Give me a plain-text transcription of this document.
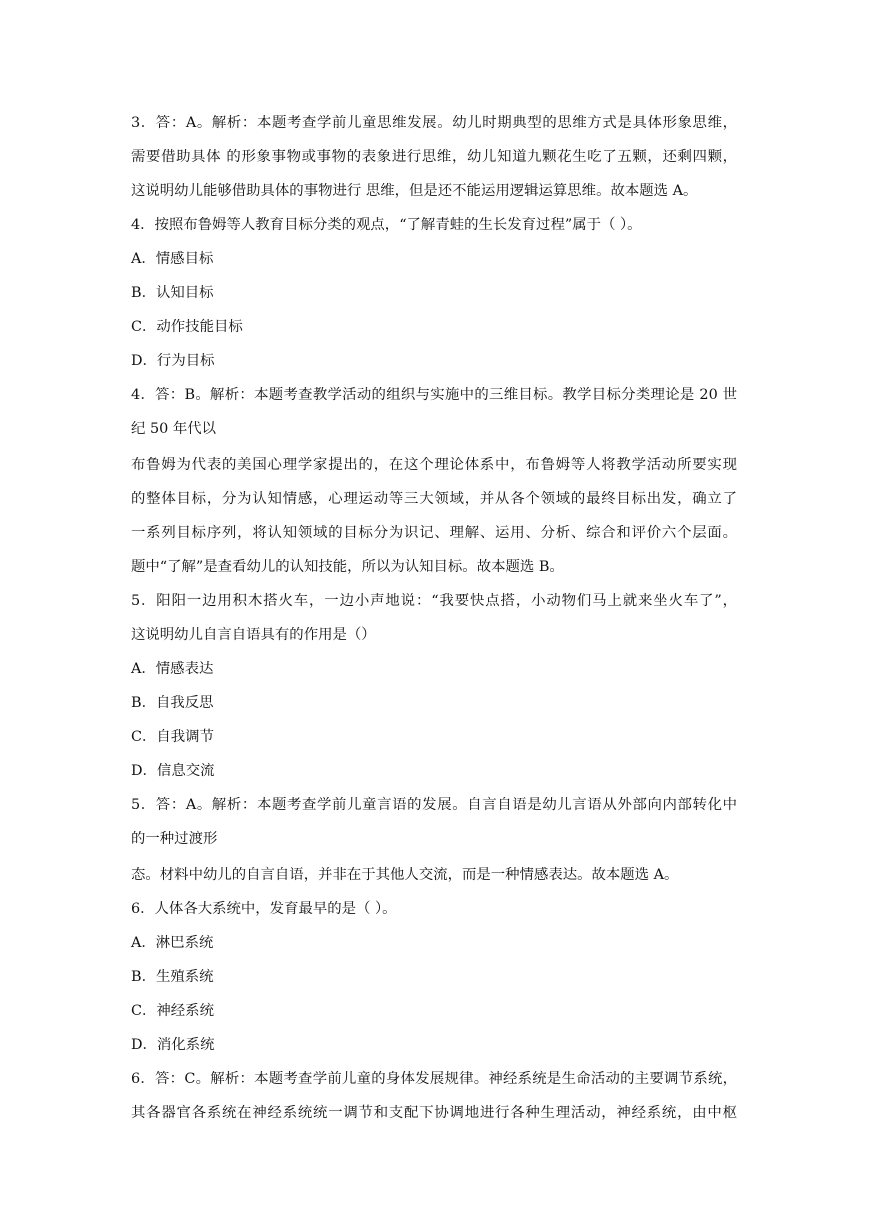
3．答：A。解析：本题考查学前儿童思维发展。幼儿时期典型的思维方式是具体形象思维，
需要借助具体 的形象事物或事物的表象进行思维，幼儿知道九颗花生吃了五颗，还剩四颗，
这说明幼儿能够借助具体的事物进行 思维，但是还不能运用逻辑运算思维。故本题选 A。
4．按照布鲁姆等人教育目标分类的观点，“了解青蛙的生长发育过程”属于（ ）。
A．情感目标
B．认知目标
C．动作技能目标
D．行为目标
4．答：B。解析：本题考查教学活动的组织与实施中的三维目标。教学目标分类理论是 20 世
纪 50 年代以
布鲁姆为代表的美国心理学家提出的，在这个理论体系中，布鲁姆等人将教学活动所要实现
的整体目标，分为认知情感，心理运动等三大领域，并从各个领域的最终目标出发，确立了
一系列目标序列，将认知领域的目标分为识记、理解、运用、分析、综合和评价六个层面。
题中“了解”是查看幼儿的认知技能，所以为认知目标。故本题选 B。
5．阳阳一边用积木搭火车，一边小声地说：“我要快点搭，小动物们马上就来坐火车了”，
这说明幼儿自言自语具有的作用是（）
A．情感表达
B．自我反思
C．自我调节
D．信息交流
5．答：A。解析：本题考查学前儿童言语的发展。自言自语是幼儿言语从外部向内部转化中
的一种过渡形
态。材料中幼儿的自言自语，并非在于其他人交流，而是一种情感表达。故本题选 A。
6．人体各大系统中，发育最早的是（ ）。
A．淋巴系统
B．生殖系统
C．神经系统
D．消化系统
6．答：C。解析：本题考查学前儿童的身体发展规律。神经系统是生命活动的主要调节系统，
其各器官各系统在神经系统统一调节和支配下协调地进行各种生理活动，神经系统，由中枢
